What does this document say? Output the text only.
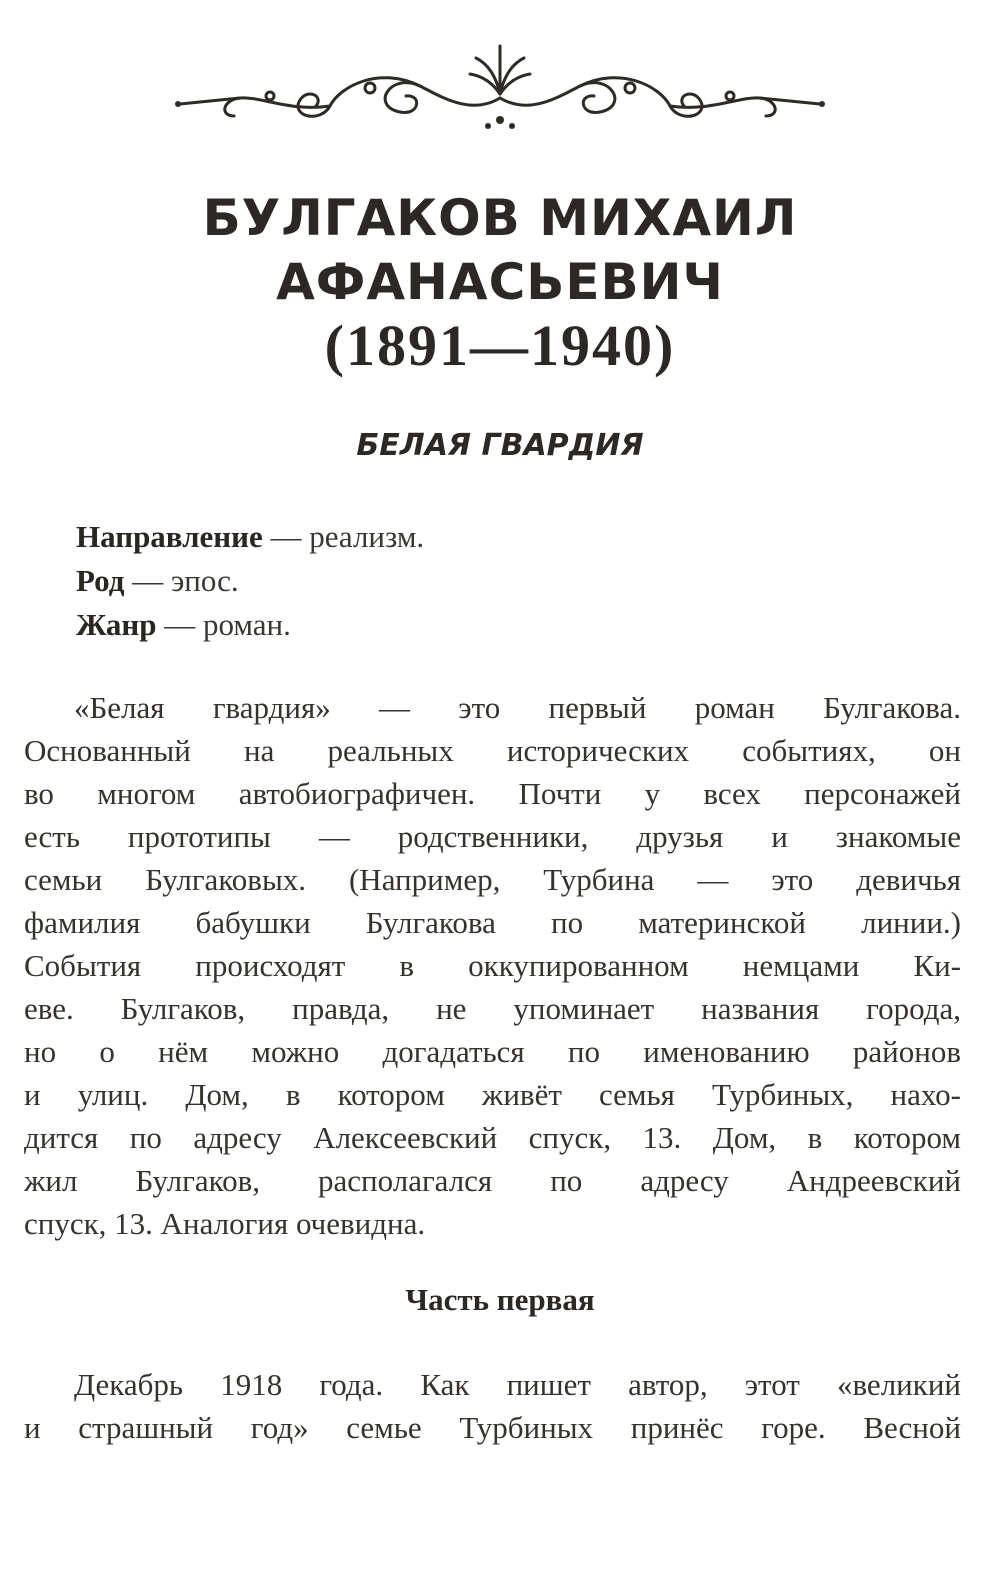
БУЛГАКОВ МИХАИЛ
АФАНАСЬЕВИЧ
(1891—1940)
БЕЛАЯ ГВАРДИЯ
Направление — реализм.
Род — эпос.
Жанр — роман.
«Белая гвардия» — это первый роман Булгакова.
Основанный на реальных исторических событиях, он
во многом автобиографичен. Почти у всех персонажей
есть прототипы — родственники, друзья и знакомые
семьи Булгаковых. (Например, Турбина — это девичья
фамилия бабушки Булгакова по материнской линии.)
События происходят в оккупированном немцами Ки-
еве. Булгаков, правда, не упоминает названия города,
но о нём можно догадаться по именованию районов
и улиц. Дом, в котором живёт семья Турбиных, нахо-
дится по адресу Алексеевский спуск, 13. Дом, в котором
жил Булгаков, располагался по адресу Андреевский
спуск, 13. Аналогия очевидна.
Часть первая
Декабрь 1918 года. Как пишет автор, этот «великий
и страшный год» семье Турбиных принёс горе. Весной
